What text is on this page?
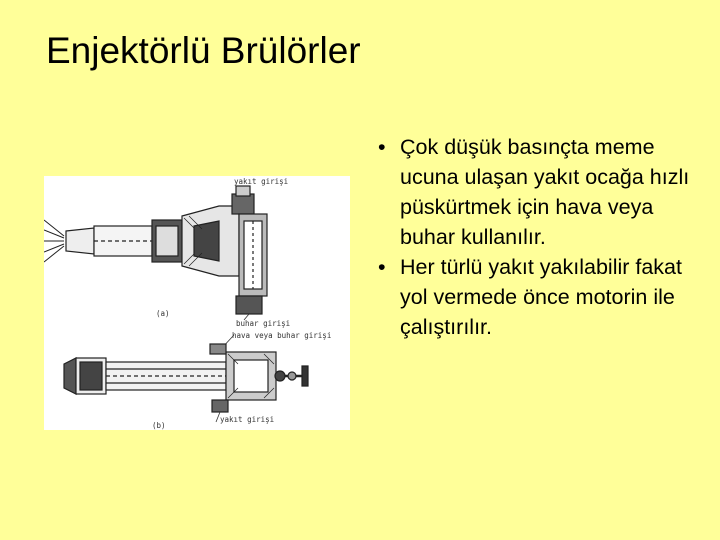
Enjektörlü Brülörler
yakıt girişi
(a)
buhar girişi
hava veya buhar girişi
yakıt girişi
(b)
• Çok düşük basınçta meme ucuna ulaşan yakıt ocağa hızlı püskürtmek için hava veya buhar kullanılır.
• Her türlü yakıt yakılabilir fakat yol vermede önce motorin ile çalıştırılır.
